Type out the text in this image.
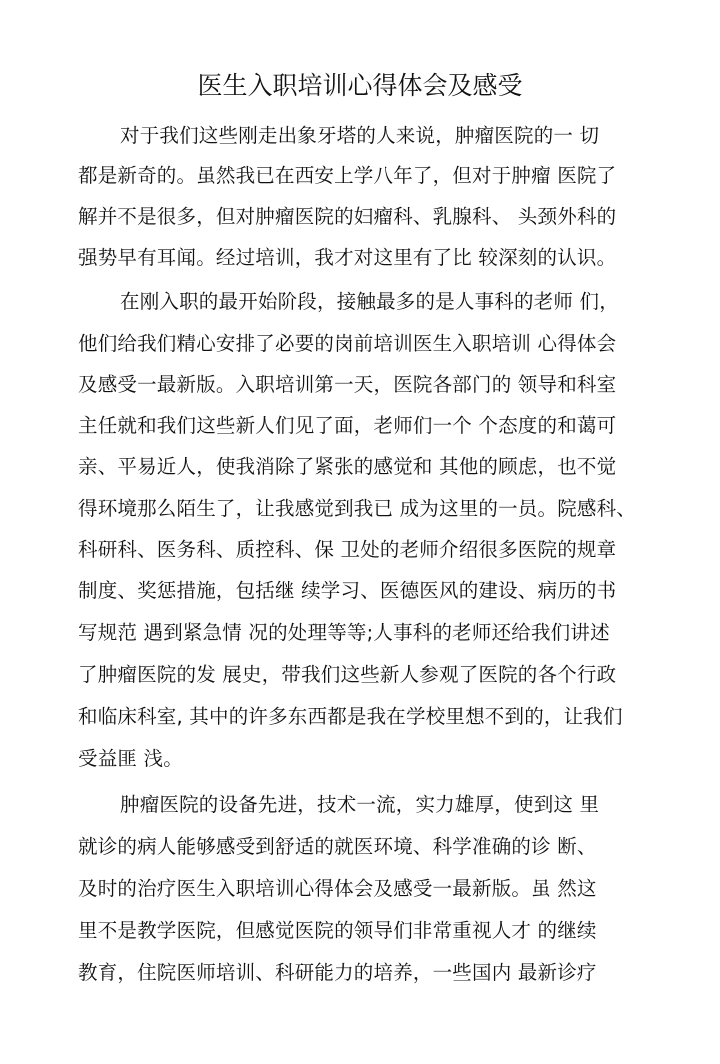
医生入职培训心得体会及感受
对于我们这些刚走出象牙塔的人来说，肿瘤医院的一 切
都是新奇的。虽然我已在西安上学八年了，但对于肿瘤 医院了
解并不是很多，但对肿瘤医院的妇瘤科、乳腺科、 头颈外科的
强势早有耳闻。经过培训，我才对这里有了比 较深刻的认识。
在刚入职的最开始阶段，接触最多的是人事科的老师 们，
他们给我们精心安排了必要的岗前培训医生入职培训 心得体会
及感受一最新版。入职培训第一天，医院各部门的 领导和科室
主任就和我们这些新人们见了面，老师们一个 个态度的和蔼可
亲、平易近人，使我消除了紧张的感觉和 其他的顾虑，也不觉
得环境那么陌生了，让我感觉到我已 成为这里的一员。院感科、
科研科、医务科、质控科、保 卫处的老师介绍很多医院的规章
制度、奖惩措施，包括继 续学习、医德医风的建设、病历的书
写规范 遇到紧急情 况的处理等等;人事科的老师还给我们讲述
了肿瘤医院的发 展史，带我们这些新人参观了医院的各个行政
和临床科室, 其中的许多东西都是我在学校里想不到的，让我们
受益匪 浅。
肿瘤医院的设备先进，技术一流，实力雄厚，使到这 里
就诊的病人能够感受到舒适的就医环境、科学准确的诊 断、
及时的治疗医生入职培训心得体会及感受一最新版。虽 然这
里不是教学医院，但感觉医院的领导们非常重视人才 的继续
教育，住院医师培训、科研能力的培养，一些国内 最新诊疗
